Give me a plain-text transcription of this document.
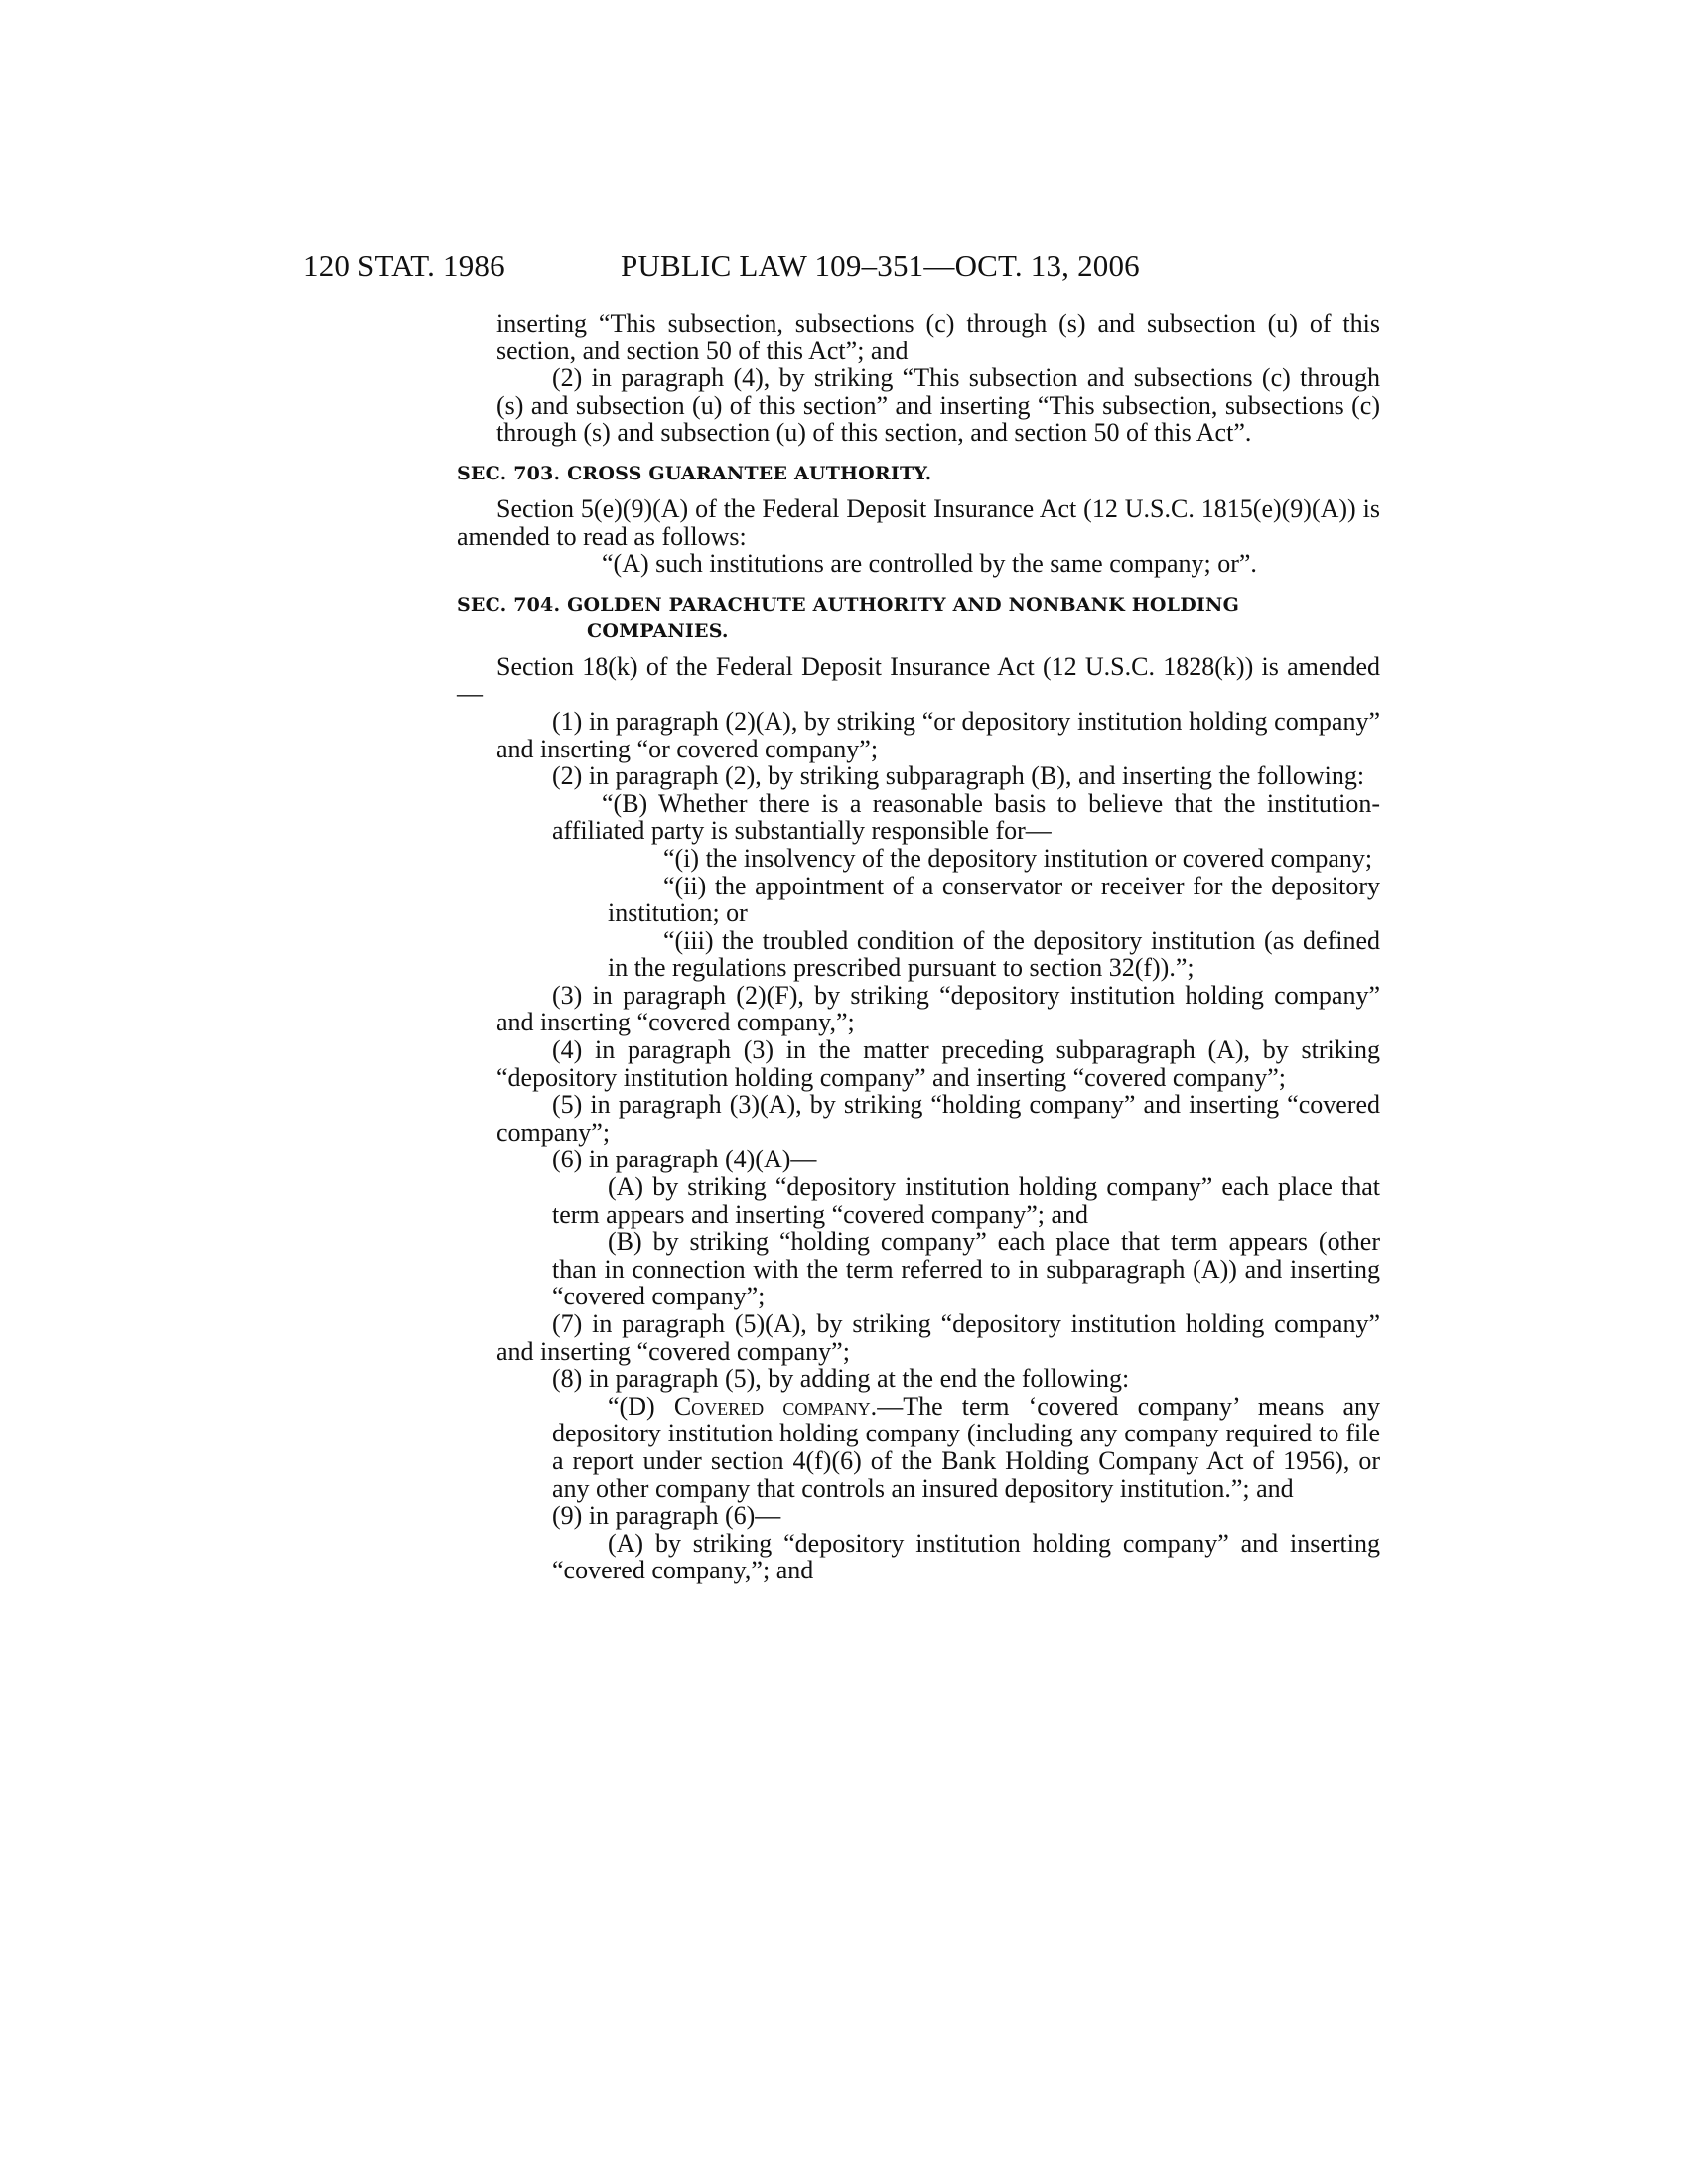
120 STAT. 1986	PUBLIC LAW 109–351—OCT. 13, 2006

inserting “This subsection, subsections (c) through (s) and subsection (u) of this section, and section 50 of this Act”; and

(2) in paragraph (4), by striking “This subsection and subsections (c) through (s) and subsection (u) of this section” and inserting “This subsection, subsections (c) through (s) and subsection (u) of this section, and section 50 of this Act”.

SEC. 703. CROSS GUARANTEE AUTHORITY.

Section 5(e)(9)(A) of the Federal Deposit Insurance Act (12 U.S.C. 1815(e)(9)(A)) is amended to read as follows:

“(A) such institutions are controlled by the same company; or”.

SEC. 704. GOLDEN PARACHUTE AUTHORITY AND NONBANK HOLDING COMPANIES.

Section 18(k) of the Federal Deposit Insurance Act (12 U.S.C. 1828(k)) is amended—

(1) in paragraph (2)(A), by striking “or depository institution holding company” and inserting “or covered company”;

(2) in paragraph (2), by striking subparagraph (B), and inserting the following:

“(B) Whether there is a reasonable basis to believe that the institution-affiliated party is substantially responsible for—

“(i) the insolvency of the depository institution or covered company;

“(ii) the appointment of a conservator or receiver for the depository institution; or

“(iii) the troubled condition of the depository institution (as defined in the regulations prescribed pursuant to section 32(f)).”;

(3) in paragraph (2)(F), by striking “depository institution holding company” and inserting “covered company,”;

(4) in paragraph (3) in the matter preceding subparagraph (A), by striking “depository institution holding company” and inserting “covered company”;

(5) in paragraph (3)(A), by striking “holding company” and inserting “covered company”;

(6) in paragraph (4)(A)—

(A) by striking “depository institution holding company” each place that term appears and inserting “covered company”; and

(B) by striking “holding company” each place that term appears (other than in connection with the term referred to in subparagraph (A)) and inserting “covered company”;

(7) in paragraph (5)(A), by striking “depository institution holding company” and inserting “covered company”;

(8) in paragraph (5), by adding at the end the following:

“(D) Covered company.—The term ‘covered company’ means any depository institution holding company (including any company required to file a report under section 4(f)(6) of the Bank Holding Company Act of 1956), or any other company that controls an insured depository institution.”; and

(9) in paragraph (6)—

(A) by striking “depository institution holding company” and inserting “covered company,”; and
